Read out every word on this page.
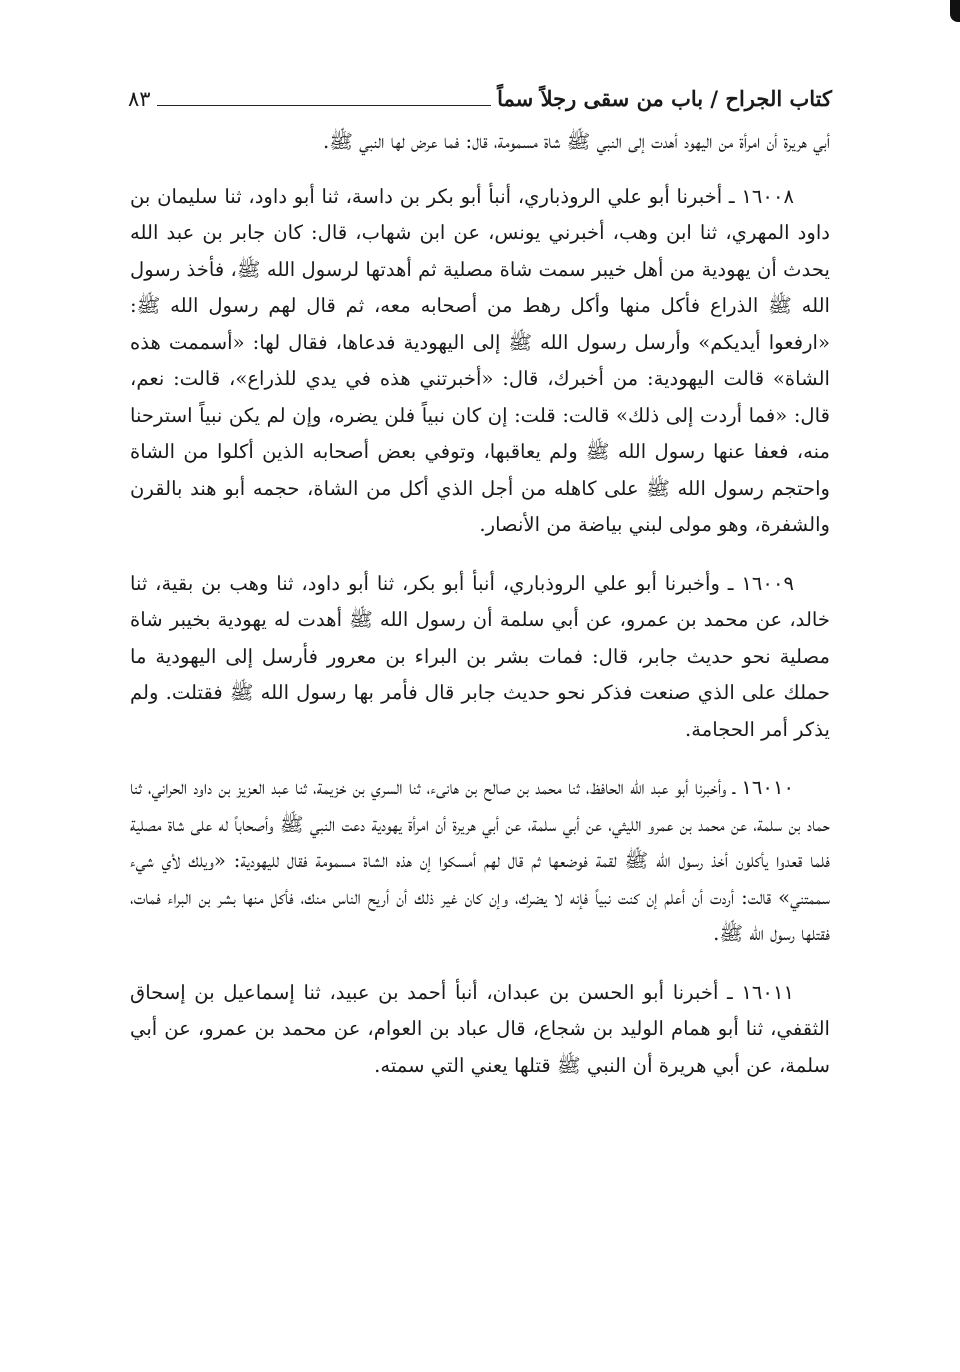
كتاب الجراح / باب من سقى رجلاً سماً
٨٣

أبي هريرة أن امرأة من اليهود أهدت إلى النبي ﷺ شاة مسمومة، قال: فما عرض لها النبي ﷺ.

١٦٠٠٨ ـ أخبرنا أبو علي الروذباري، أنبأ أبو بكر بن داسة، ثنا أبو داود، ثنا سليمان بن داود المهري، ثنا ابن وهب، أخبرني يونس، عن ابن شهاب، قال: كان جابر بن عبد الله يحدث أن يهودية من أهل خيبر سمت شاة مصلية ثم أهدتها لرسول الله ﷺ، فأخذ رسول الله ﷺ الذراع فأكل منها وأكل رهط من أصحابه معه، ثم قال لهم رسول الله ﷺ: «ارفعوا أيديكم» وأرسل رسول الله ﷺ إلى اليهودية فدعاها، فقال لها: «أسممت هذه الشاة» قالت اليهودية: من أخبرك، قال: «أخبرتني هذه في يدي للذراع»، قالت: نعم، قال: «فما أردت إلى ذلك» قالت: قلت: إن كان نبياً فلن يضره، وإن لم يكن نبياً استرحنا منه، فعفا عنها رسول الله ﷺ ولم يعاقبها، وتوفي بعض أصحابه الذين أكلوا من الشاة واحتجم رسول الله ﷺ على كاهله من أجل الذي أكل من الشاة، حجمه أبو هند بالقرن والشفرة، وهو مولى لبني بياضة من الأنصار.

١٦٠٠٩ ـ وأخبرنا أبو علي الروذباري، أنبأ أبو بكر، ثنا أبو داود، ثنا وهب بن بقية، ثنا خالد، عن محمد بن عمرو، عن أبي سلمة أن رسول الله ﷺ أهدت له يهودية بخيبر شاة مصلية نحو حديث جابر، قال: فمات بشر بن البراء بن معرور فأرسل إلى اليهودية ما حملك على الذي صنعت فذكر نحو حديث جابر قال فأمر بها رسول الله ﷺ فقتلت. ولم يذكر أمر الحجامة.

١٦٠١٠ ـ وأخبرنا أبو عبد الله الحافظ، ثنا محمد بن صالح بن هانىء، ثنا السري بن خزيمة، ثنا عبد العزيز بن داود الحراني، ثنا حماد بن سلمة، عن محمد بن عمرو الليثي، عن أبي سلمة، عن أبي هريرة أن امرأة يهودية دعت النبي ﷺ وأصحاباً له على شاة مصلية فلما قعدوا يأكلون أخذ رسول الله ﷺ لقمة فوضعها ثم قال لهم أمسكوا إن هذه الشاة مسمومة فقال لليهودية: «ويلك لأي شيء سممتني» قالت: أردت أن أعلم إن كنت نبياً فإنه لا يضرك، وإن كان غير ذلك أن أريح الناس منك، فأكل منها بشر بن البراء فمات، فقتلها رسول الله ﷺ.

١٦٠١١ ـ أخبرنا أبو الحسن بن عبدان، أنبأ أحمد بن عبيد، ثنا إسماعيل بن إسحاق الثقفي، ثنا أبو همام الوليد بن شجاع، قال عباد بن العوام، عن محمد بن عمرو، عن أبي سلمة، عن أبي هريرة أن النبي ﷺ قتلها يعني التي سمته.
